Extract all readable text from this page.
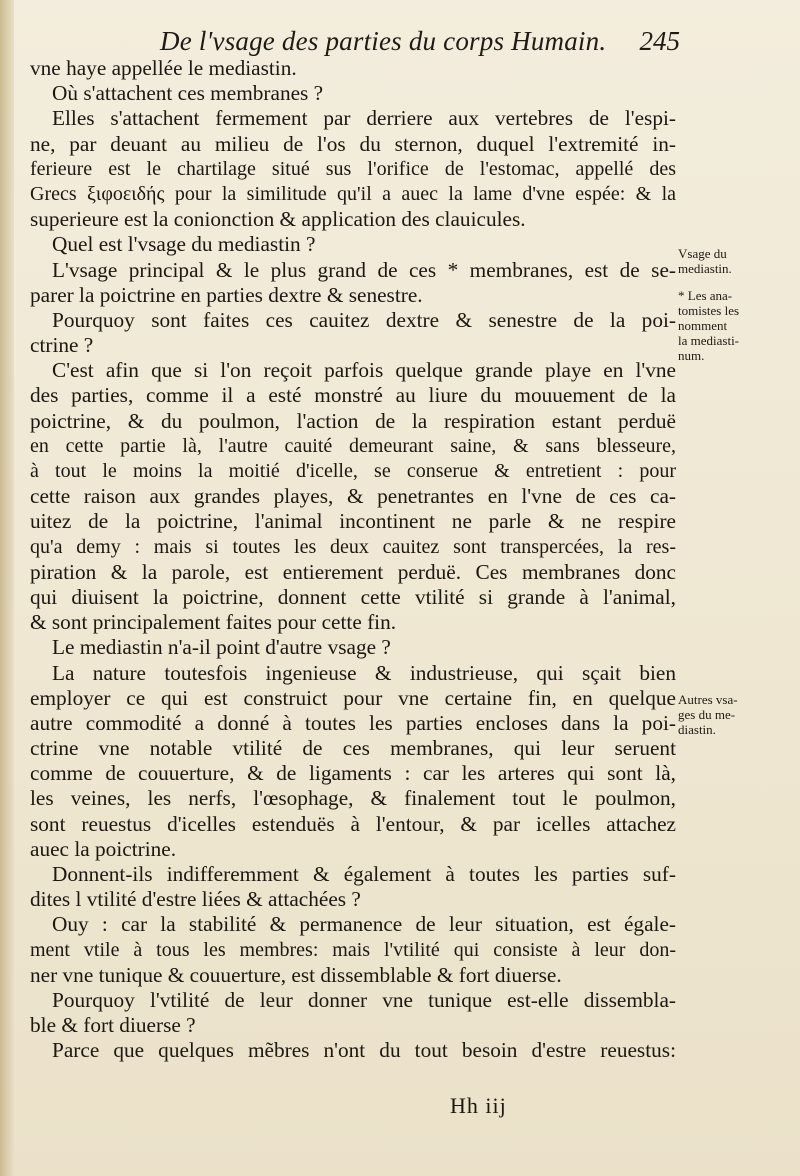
De l'vsage des parties du corps Humain. 245
vne haye appellée le mediastin.
Où s'attachent ces membranes ?
Elles s'attachent fermement par derriere aux vertebres de l'espi-
ne, par deuant au milieu de l'os du sternon, duquel l'extremité in-
ferieure est le chartilage situé sus l'orifice de l'estomac, appellé des
Grecs ξιφοειδής pour la similitude qu'il a auec la lame d'vne espée: & la
superieure est la conionction & application des clauicules.
Quel est l'vsage du mediastin ?
L'vsage principal & le plus grand de ces * membranes, est de se-
parer la poictrine en parties dextre & senestre.
Pourquoy sont faites ces cauitez dextre & senestre de la poi-
ctrine ?
C'est afin que si l'on reçoit parfois quelque grande playe en l'vne
des parties, comme il a esté monstré au liure du mouuement de la
poictrine, & du poulmon, l'action de la respiration estant perduë
en cette partie là, l'autre cauité demeurant saine, & sans blesseure,
à tout le moins la moitié d'icelle, se conserue & entretient : pour
cette raison aux grandes playes, & penetrantes en l'vne de ces ca-
uitez de la poictrine, l'animal incontinent ne parle & ne respire
qu'a demy : mais si toutes les deux cauitez sont transpercées, la res-
piration & la parole, est entierement perduë. Ces membranes donc
qui diuisent la poictrine, donnent cette vtilité si grande à l'animal,
& sont principalement faites pour cette fin.
Le mediastin n'a-il point d'autre vsage ?
La nature toutesfois ingenieuse & industrieuse, qui sçait bien
employer ce qui est construict pour vne certaine fin, en quelque
autre commodité a donné à toutes les parties encloses dans la poi-
ctrine vne notable vtilité de ces membranes, qui leur seruent
comme de couuerture, & de ligaments : car les arteres qui sont là,
les veines, les nerfs, l'œsophage, & finalement tout le poulmon,
sont reuestus d'icelles estenduës à l'entour, & par icelles attachez
auec la poictrine.
Donnent-ils indifferemment & également à toutes les parties suf-
dites l vtilité d'estre liées & attachées ?
Ouy : car la stabilité & permanence de leur situation, est égale-
ment vtile à tous les membres: mais l'vtilité qui consiste à leur don-
ner vne tunique & couuerture, est dissemblable & fort diuerse.
Pourquoy l'vtilité de leur donner vne tunique est-elle dissembla-
ble & fort diuerse ?
Parce que quelques mẽbres n'ont du tout besoin d'estre reuestus:
Vsage du
mediastin.
* Les ana-
tomistes les
nomment
la mediasti-
num.
Autres vsa-
ges du me-
diastin.
Hh iij
